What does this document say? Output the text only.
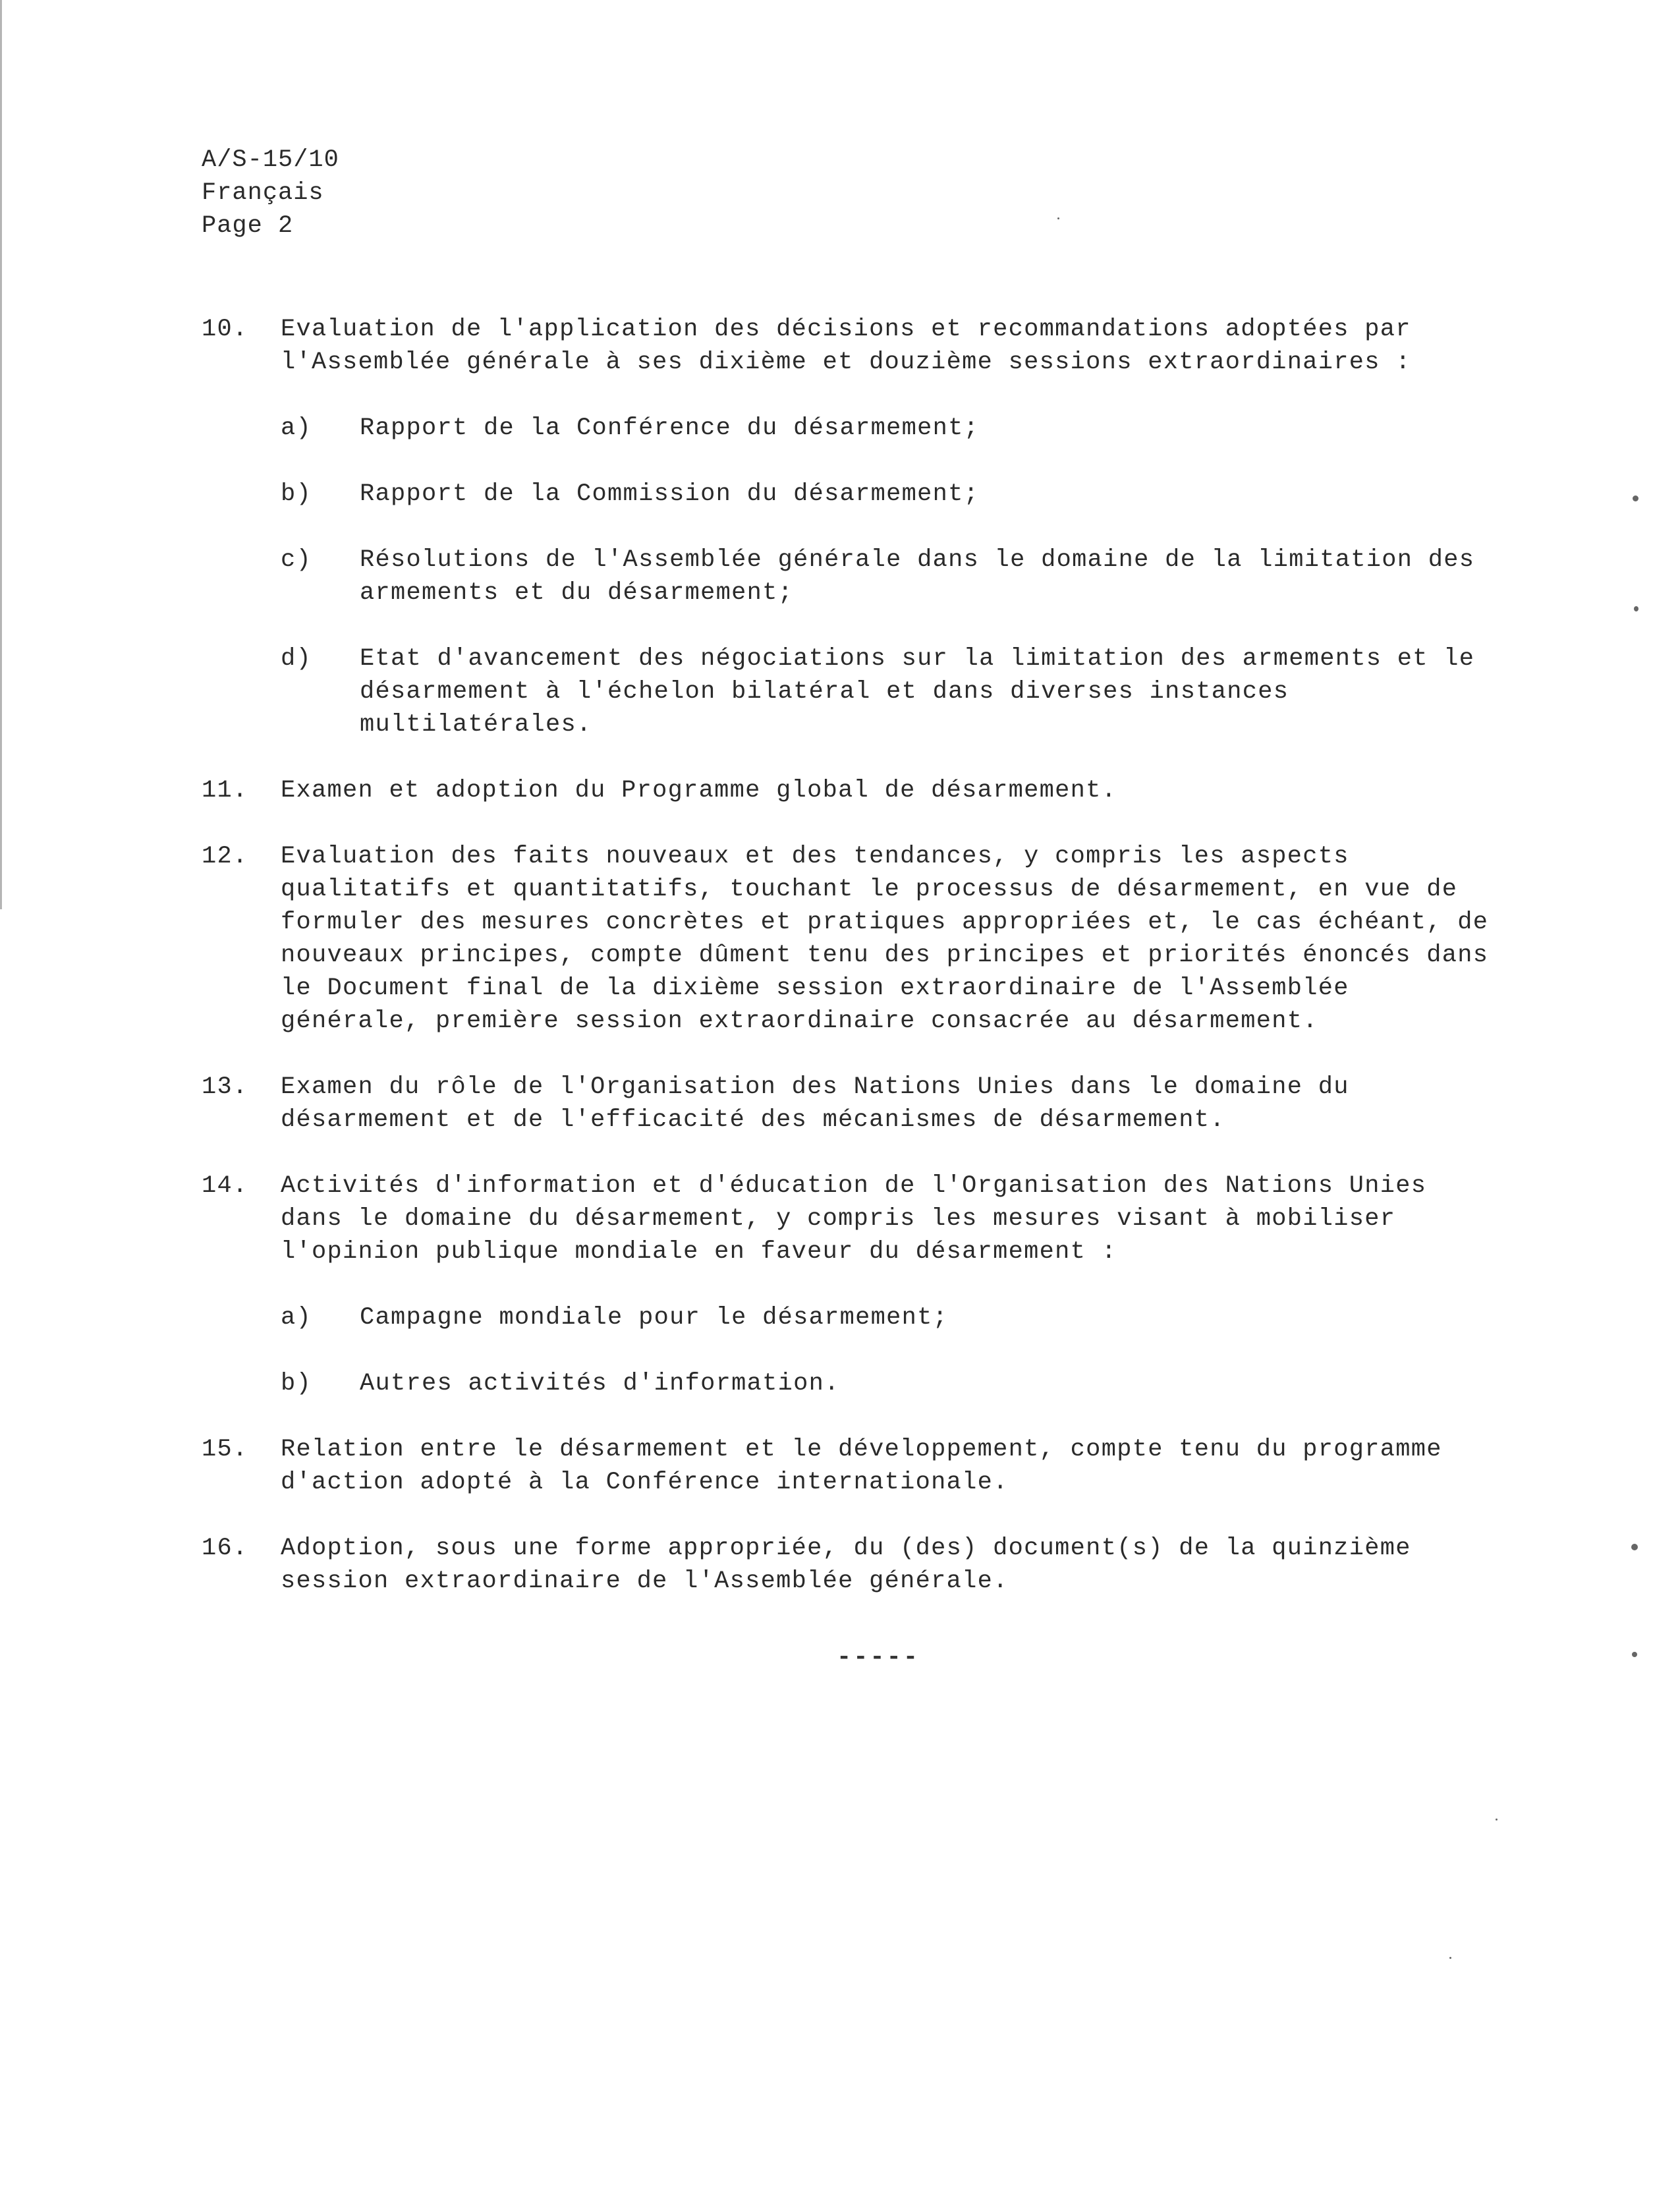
A/S-15/10
Français
Page 2
10. Evaluation de l'application des décisions et recommandations adoptées par
l'Assemblée générale à ses dixième et douzième sessions extraordinaires :
a) Rapport de la Conférence du désarmement;
b) Rapport de la Commission du désarmement;
c) Résolutions de l'Assemblée générale dans le domaine de la limitation des
armements et du désarmement;
d) Etat d'avancement des négociations sur la limitation des armements et le
désarmement à l'échelon bilatéral et dans diverses instances
multilatérales.
11. Examen et adoption du Programme global de désarmement.
12. Evaluation des faits nouveaux et des tendances, y compris les aspects
qualitatifs et quantitatifs, touchant le processus de désarmement, en vue de
formuler des mesures concrètes et pratiques appropriées et, le cas échéant, de
nouveaux principes, compte dûment tenu des principes et priorités énoncés dans
le Document final de la dixième session extraordinaire de l'Assemblée
générale, première session extraordinaire consacrée au désarmement.
13. Examen du rôle de l'Organisation des Nations Unies dans le domaine du
désarmement et de l'efficacité des mécanismes de désarmement.
14. Activités d'information et d'éducation de l'Organisation des Nations Unies
dans le domaine du désarmement, y compris les mesures visant à mobiliser
l'opinion publique mondiale en faveur du désarmement :
a) Campagne mondiale pour le désarmement;
b) Autres activités d'information.
15. Relation entre le désarmement et le développement, compte tenu du programme
d'action adopté à la Conférence internationale.
16. Adoption, sous une forme appropriée, du (des) document(s) de la quinzième
session extraordinaire de l'Assemblée générale.
-----
